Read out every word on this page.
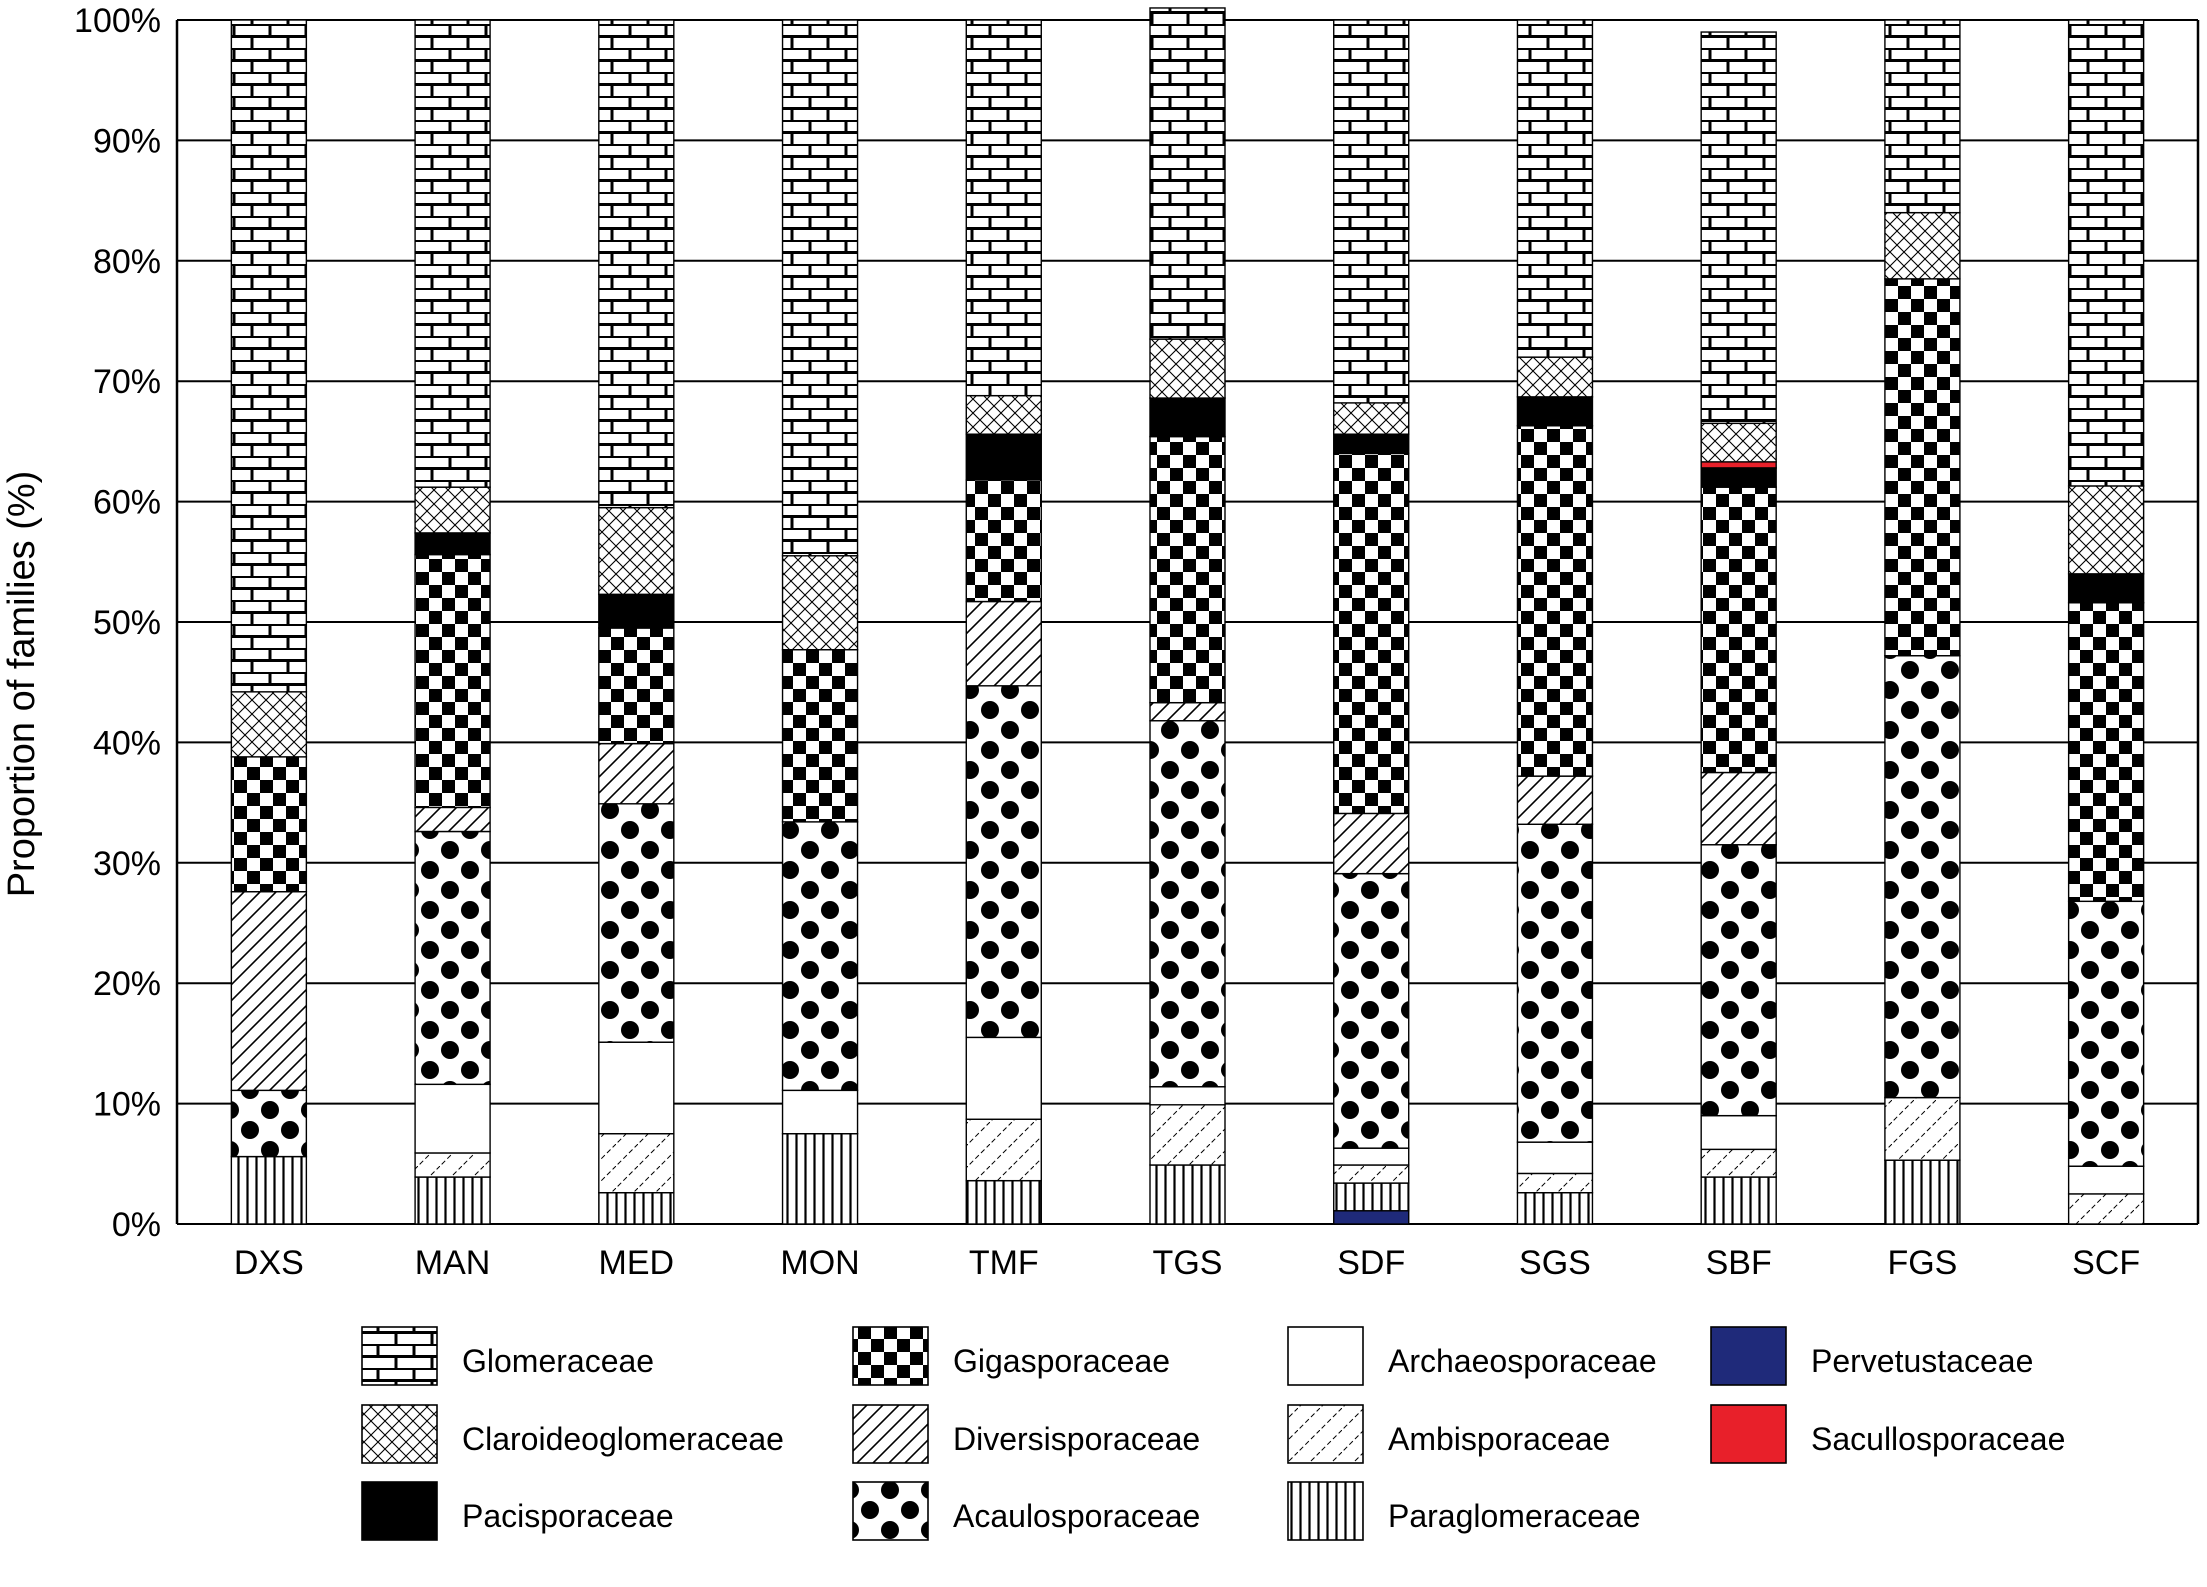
Proportion of families (%)
0%
10%
20%
30%
40%
50%
60%
70%
80%
90%
100%
DXS	MAN	MED	MON	TMF	TGS	SDF	SGS	SBF	FGS	SCF
Glomeraceae	Gigasporaceae	Archaeosporaceae	Pervetustaceae
Claroideoglomeraceae	Diversisporaceae	Ambisporaceae	Sacullosporaceae
Pacisporaceae	Acaulosporaceae	Paraglomeraceae
